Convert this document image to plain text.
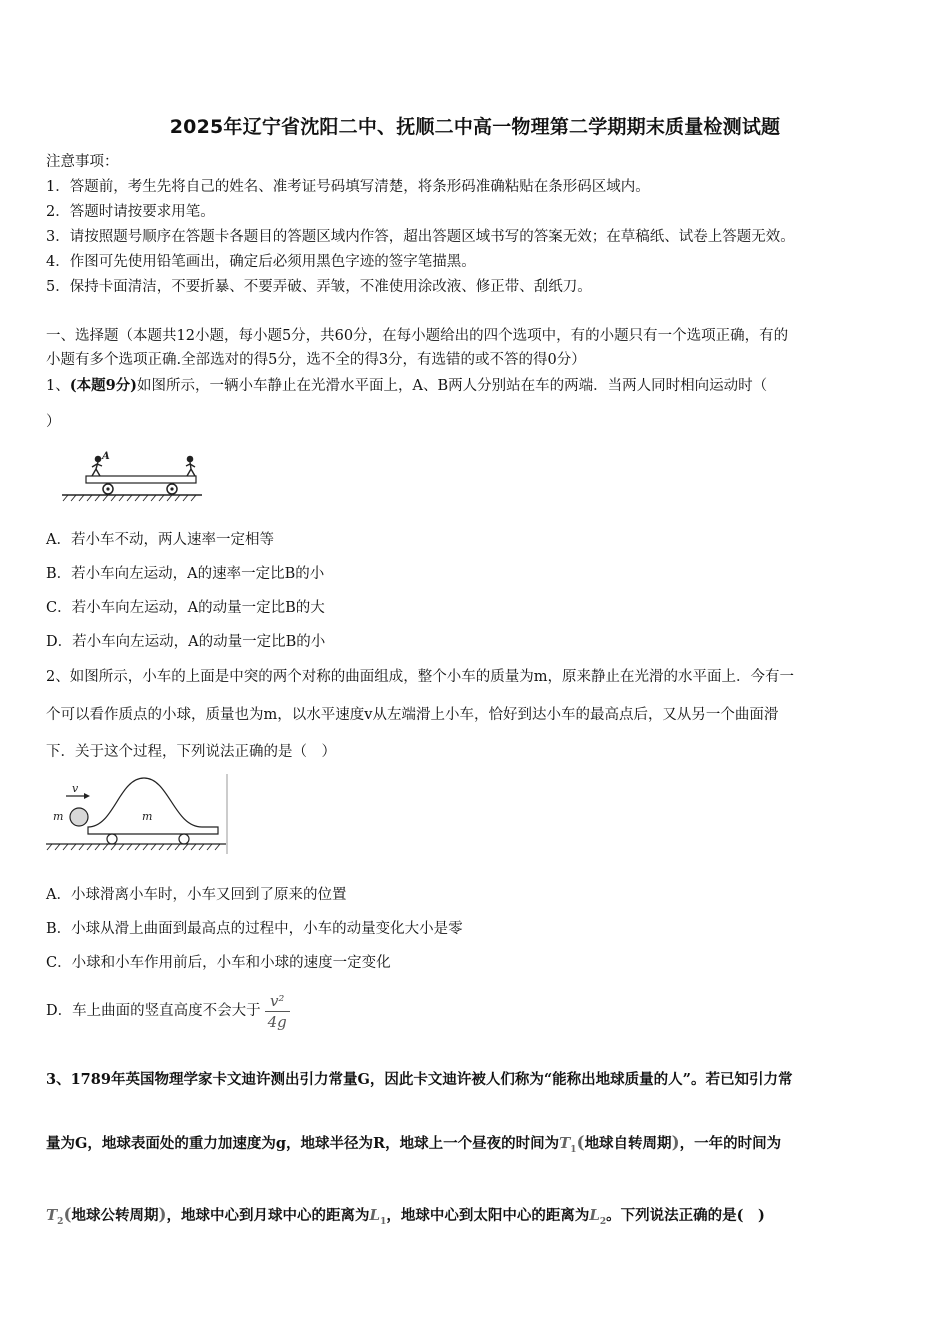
2025年辽宁省沈阳二中、抚顺二中高一物理第二学期期末质量检测试题
注意事项：
1．答题前，考生先将自己的姓名、准考证号码填写清楚，将条形码准确粘贴在条形码区域内。
2．答题时请按要求用笔。
3．请按照题号顺序在答题卡各题目的答题区域内作答，超出答题区域书写的答案无效；在草稿纸、试卷上答题无效。
4．作图可先使用铅笔画出，确定后必须用黑色字迹的签字笔描黑。
5．保持卡面清洁，不要折暴、不要弄破、弄皱，不准使用涂改液、修正带、刮纸刀。
一、选择题（本题共12小题，每小题5分，共60分，在每小题给出的四个选项中，有的小题只有一个选项正确，有的
小题有多个选项正确.全部选对的得5分，选不全的得3分，有选错的或不答的得0分）
1、(本题9分)如图所示，一辆小车静止在光滑水平面上，A、B两人分别站在车的两端．当两人同时相向运动时（
）
A
A．若小车不动，两人速率一定相等
B．若小车向左运动，A的速率一定比B的小
C．若小车向左运动，A的动量一定比B的大
D．若小车向左运动，A的动量一定比B的小
2、如图所示，小车的上面是中突的两个对称的曲面组成，整个小车的质量为m，原来静止在光滑的水平面上．今有一
个可以看作质点的小球，质量也为m，以水平速度v从左端滑上小车，恰好到达小车的最高点后，又从另一个曲面滑
下．关于这个过程，下列说法正确的是（　）
v
m	m
A．小球滑离小车时，小车又回到了原来的位置
B．小球从滑上曲面到最高点的过程中，小车的动量变化大小是零
C．小球和小车作用前后，小车和小球的速度一定变化
D．车上曲面的竖直高度不会大于 $\frac{\text{v²}}{4g}$
3、1789年英国物理学家卡文迪许测出引力常量G，因此卡文迪许被人们称为“能称出地球质量的人”。若已知引力常
量为G，地球表面处的重力加速度为g，地球半径为R，地球上一个昼夜的时间为$T_1$(地球自转周期)，一年的时间为
$T_2$(地球公转周期)，地球中心到月球中心的距离为$L_1$，地球中心到太阳中心的距离为$L_2$。下列说法正确的是(　)
